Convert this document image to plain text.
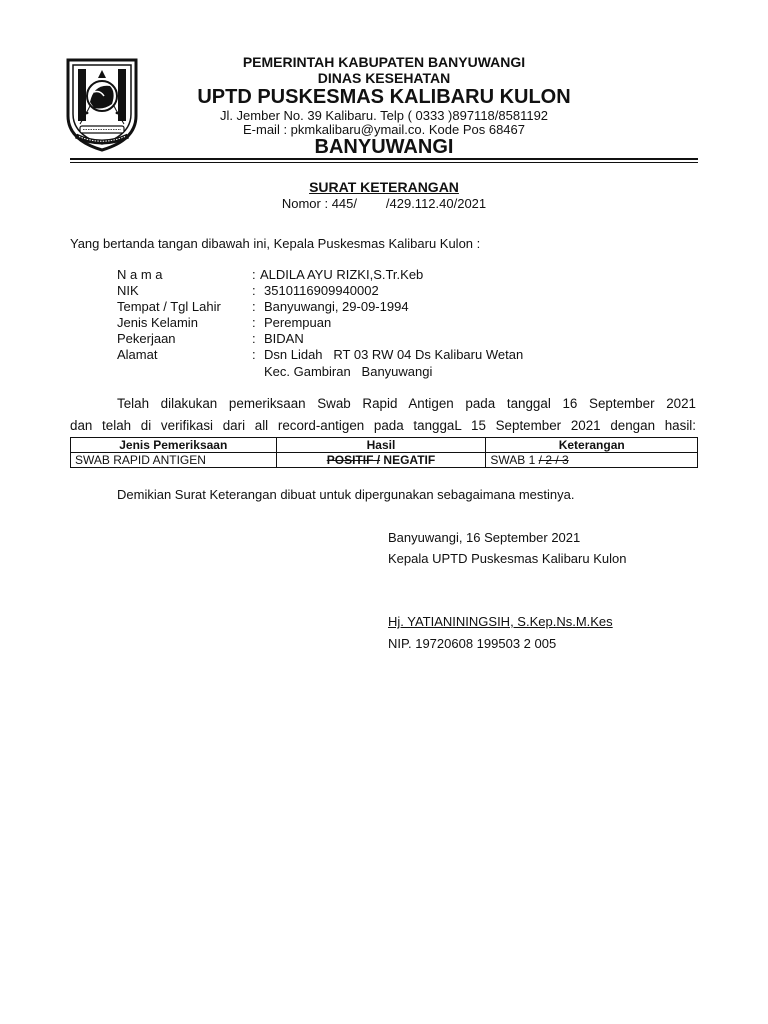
PEMERINTAH KABUPATEN BANYUWANGI
DINAS KESEHATAN
UPTD PUSKESMAS KALIBARU KULON
Jl. Jember No. 39 Kalibaru. Telp ( 0333 )897118/8581192
E-mail : pkmkalibaru@ymail.co. Kode Pos 68467
BANYUWANGI
SURAT KETERANGAN
Nomor : 445/        /429.112.40/2021
Yang bertanda tangan dibawah ini, Kepala Puskesmas Kalibaru Kulon :
N a m a	: ALDILA AYU RIZKI,S.Tr.Keb
NIK	: 3510116909940002
Tempat / Tgl Lahir : Banyuwangi, 29-09-1994
Jenis Kelamin	: Perempuan
Pekerjaan	: BIDAN
Alamat	: Dsn Lidah   RT 03 RW 04 Ds Kalibaru Wetan
Kec. Gambiran   Banyuwangi
Telah dilakukan pemeriksaan Swab Rapid Antigen pada tanggal 16 September 2021
dan telah di verifikasi dari all record-antigen pada tanggaL 15 September 2021 dengan hasil:
Jenis Pemeriksaan	Hasil	Keterangan
SWAB RAPID ANTIGEN	POSITIF / NEGATIF	SWAB 1 / 2 / 3
Demikian Surat Keterangan dibuat untuk dipergunakan sebagaimana mestinya.
Banyuwangi, 16 September 2021
Kepala UPTD Puskesmas Kalibaru Kulon
Hj. YATIANININGSIH, S.Kep.Ns.M.Kes
NIP. 19720608 199503 2 005
